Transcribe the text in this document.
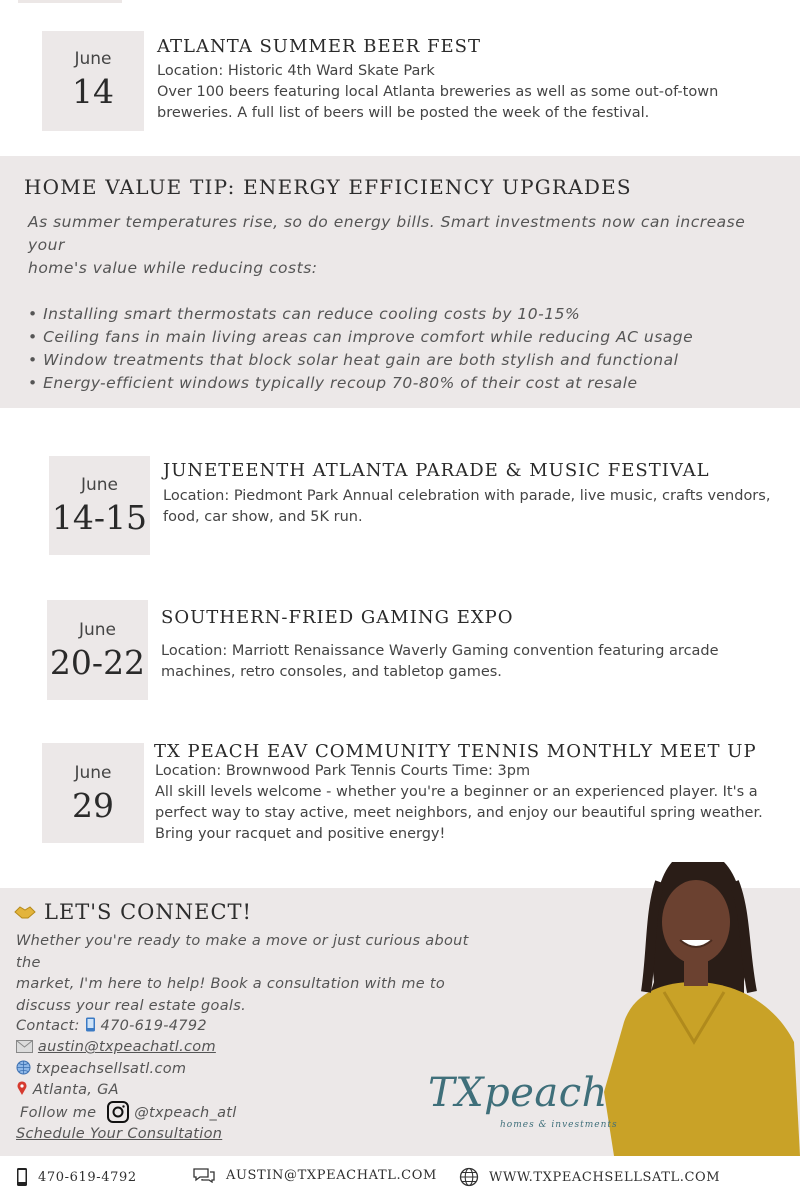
June
14
ATLANTA SUMMER BEER FEST
Location: Historic 4th Ward Skate Park
Over 100 beers featuring local Atlanta breweries as well as some out-of-town
breweries. A full list of beers will be posted the week of the festival.
HOME VALUE TIP: ENERGY EFFICIENCY UPGRADES
As summer temperatures rise, so do energy bills. Smart investments now can increase your
home's value while reducing costs:
• Installing smart thermostats can reduce cooling costs by 10-15%
• Ceiling fans in main living areas can improve comfort while reducing AC usage
• Window treatments that block solar heat gain are both stylish and functional
• Energy-efficient windows typically recoup 70-80% of their cost at resale
June
14-15
JUNETEENTH ATLANTA PARADE & MUSIC FESTIVAL
Location: Piedmont Park Annual celebration with parade, live music, crafts vendors,
food, car show, and 5K run.
June
20-22
SOUTHERN-FRIED GAMING EXPO
Location: Marriott Renaissance Waverly Gaming convention featuring arcade
machines, retro consoles, and tabletop games.
June
29
TX PEACH EAV COMMUNITY TENNIS MONTHLY MEET UP
Location: Brownwood Park Tennis Courts Time: 3pm
All skill levels welcome - whether you're a beginner or an experienced player. It's a
perfect way to stay active, meet neighbors, and enjoy our beautiful spring weather.
Bring your racquet and positive energy!
LET'S CONNECT!
Whether you're ready to make a move or just curious about the
market, I'm here to help! Book a consultation with me to
discuss your real estate goals.
Contact: 470-619-4792
austin@txpeachatl.com
txpeachsellsatl.com
Atlanta, GA
Follow me	@txpeach_atl
Schedule Your Consultation
TXpeach
homes & investments
470-619-4792	AUSTIN@TXPEACHATL.COM	WWW.TXPEACHSELLSATL.COM
